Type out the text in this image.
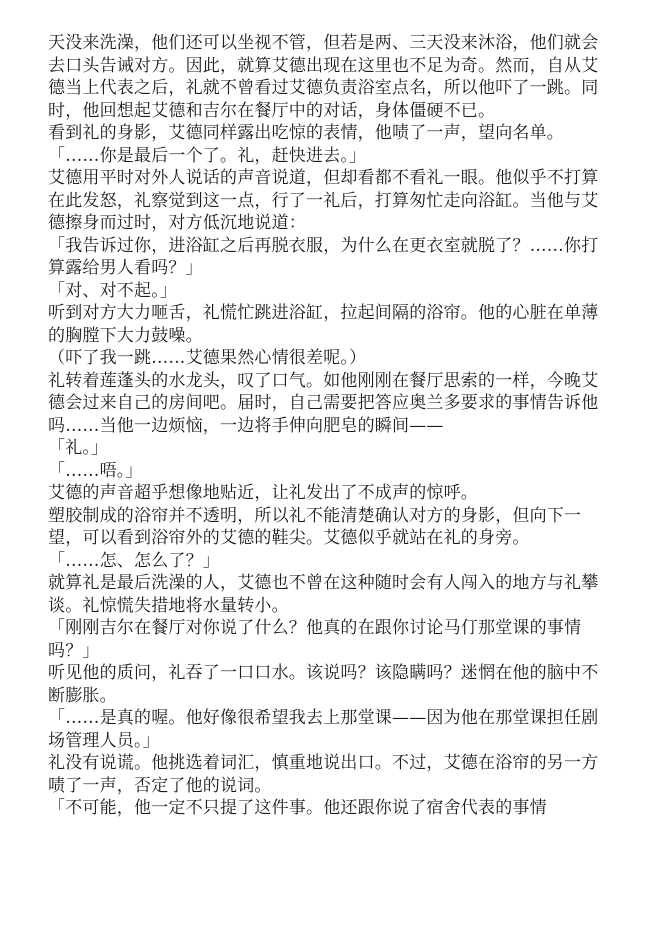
天没来洗澡，他们还可以坐视不管，但若是两、三天没来沐浴，他们就会去口头告诫对方。因此，就算艾德出现在这里也不足为奇。然而，自从艾德当上代表之后，礼就不曾看过艾德负责浴室点名，所以他吓了一跳。同时，他回想起艾德和吉尔在餐厅中的对话，身体僵硬不已。

看到礼的身影，艾德同样露出吃惊的表情，他啧了一声，望向名单。

「……你是最后一个了。礼，赶快进去。」

艾德用平时对外人说话的声音说道，但却看都不看礼一眼。他似乎不打算在此发怒，礼察觉到这一点，行了一礼后，打算匆忙走向浴缸。当他与艾德擦身而过时，对方低沉地说道：

「我告诉过你，进浴缸之后再脱衣服，为什么在更衣室就脱了？……你打算露给男人看吗？」

「对、对不起。」

听到对方大力咂舌，礼慌忙跳进浴缸，拉起间隔的浴帘。他的心脏在单薄的胸膛下大力鼓噪。

（吓了我一跳……艾德果然心情很差呢。）

礼转着莲蓬头的水龙头，叹了口气。如他刚刚在餐厅思索的一样，今晚艾德会过来自己的房间吧。届时，自己需要把答应奥兰多要求的事情告诉他吗……当他一边烦恼，一边将手伸向肥皂的瞬间——

「礼。」

「……唔。」

艾德的声音超乎想像地贴近，让礼发出了不成声的惊呼。

塑胶制成的浴帘并不透明，所以礼不能清楚确认对方的身影，但向下一望，可以看到浴帘外的艾德的鞋尖。艾德似乎就站在礼的身旁。

「……怎、怎么了？」

就算礼是最后洗澡的人，艾德也不曾在这种随时会有人闯入的地方与礼攀谈。礼惊慌失措地将水量转小。

「刚刚吉尔在餐厅对你说了什么？他真的在跟你讨论马仃那堂课的事情吗？」

听见他的质问，礼吞了一口口水。该说吗？该隐瞒吗？迷惘在他的脑中不断膨胀。

「……是真的喔。他好像很希望我去上那堂课——因为他在那堂课担任剧场管理人员。」

礼没有说谎。他挑选着词汇，慎重地说出口。不过，艾德在浴帘的另一方啧了一声，否定了他的说词。

「不可能，他一定不只提了这件事。他还跟你说了宿舍代表的事情
